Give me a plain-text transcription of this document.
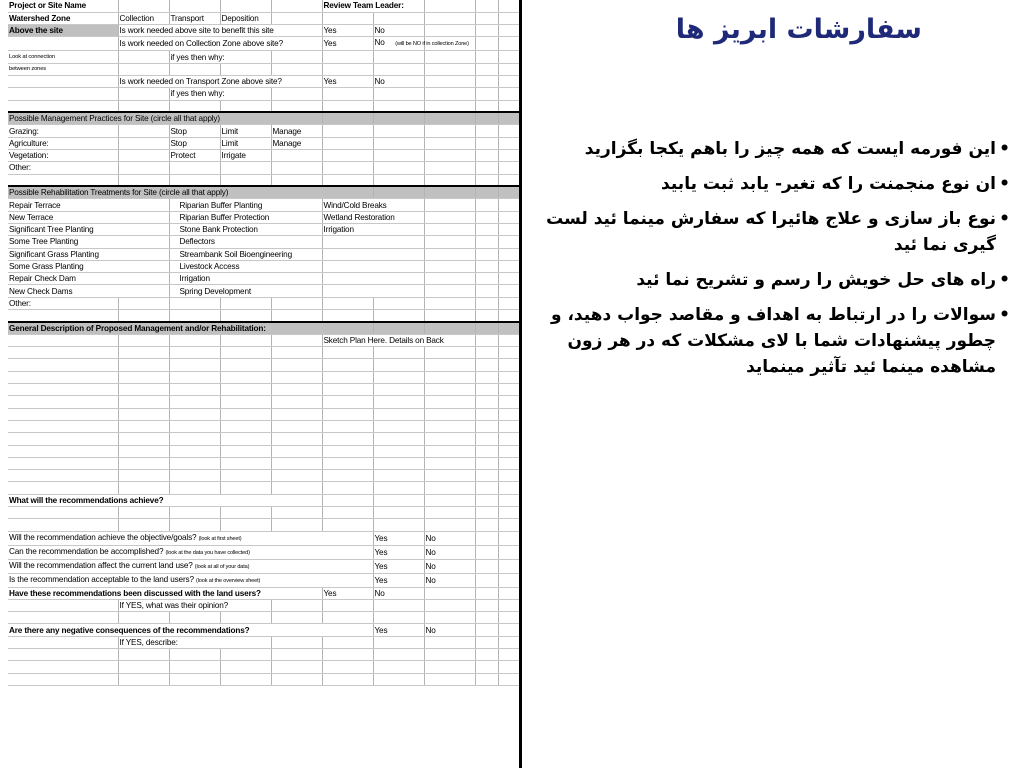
Project or Site Name					Review Team Leader:				
Watershed Zone	Collection	Transport	Deposition						
Above the site	Is work needed above site to benefit this site				Yes	No			
	Is work needed on Collection Zone above site?				Yes	No (will be NO if in collection Zone)			
Look at connection		if yes then why:							
between zones									
	Is work needed on Transport Zone above site?				Yes	No			
		if yes then why:							

Possible Management Practices for Site (circle all that apply)									
Grazing:		Stop	Limit	Manage					
Agriculture:		Stop	Limit	Manage					
Vegetation:		Protect	Irrigate						
Other:									

Possible Rehabilitation Treatments for Site (circle all that apply)									
Repair Terrace		Riparian Buffer Planting			Wind/Cold Breaks				
New Terrace		Riparian Buffer Protection			Wetland Restoration				
Significant Tree Planting		Stone Bank Protection			Irrigation				
Some Tree Planting		Deflectors							
Significant Grass Planting		Streambank Soil Bioengineering							
Some Grass Planting		Livestock Access							
Repair Check Dam		Irrigation							
New Check Dams		Spring Development							
Other:									

General Description of Proposed Management and/or Rehabilitation:									
					Sketch Plan Here. Details on Back				

What will the recommendations achieve?									

Will the recommendation achieve the objective/goals? (look at first sheet)						Yes	No		
Can the recommendation be accomplished? (look at the data you have collected)						Yes	No		
Will the recommendation affect the current land use? (look at all of your data)						Yes	No		
Is the recommendation acceptable to the land users? (look at the overview sheet)						Yes	No		
Have these recommendations been discussed with the land users?					Yes	No			
	If YES, what was their opinion?								

Are there any negative consequences of the recommendations?						Yes	No		
	If YES, describe:								

سفارشات ابریز ها
• این فورمه ایست که همه چیز را باهم یکجا بگزارید
• ان نوع منجمنت را که تغیر- یابد ثبت یابید
• نوع باز سازی و علاج هائیرا که سفارش مینما ئید لست گیری نما ئید
• راه های حل خویش را رسم و تشریح نما ئید
• سوالات را در ارتباط به اهداف و مقاصد جواب دهید، و چطور پیشنهادات شما با لای مشکلات که در هر زون مشاهده مینما ئید تآثیر مینماید
